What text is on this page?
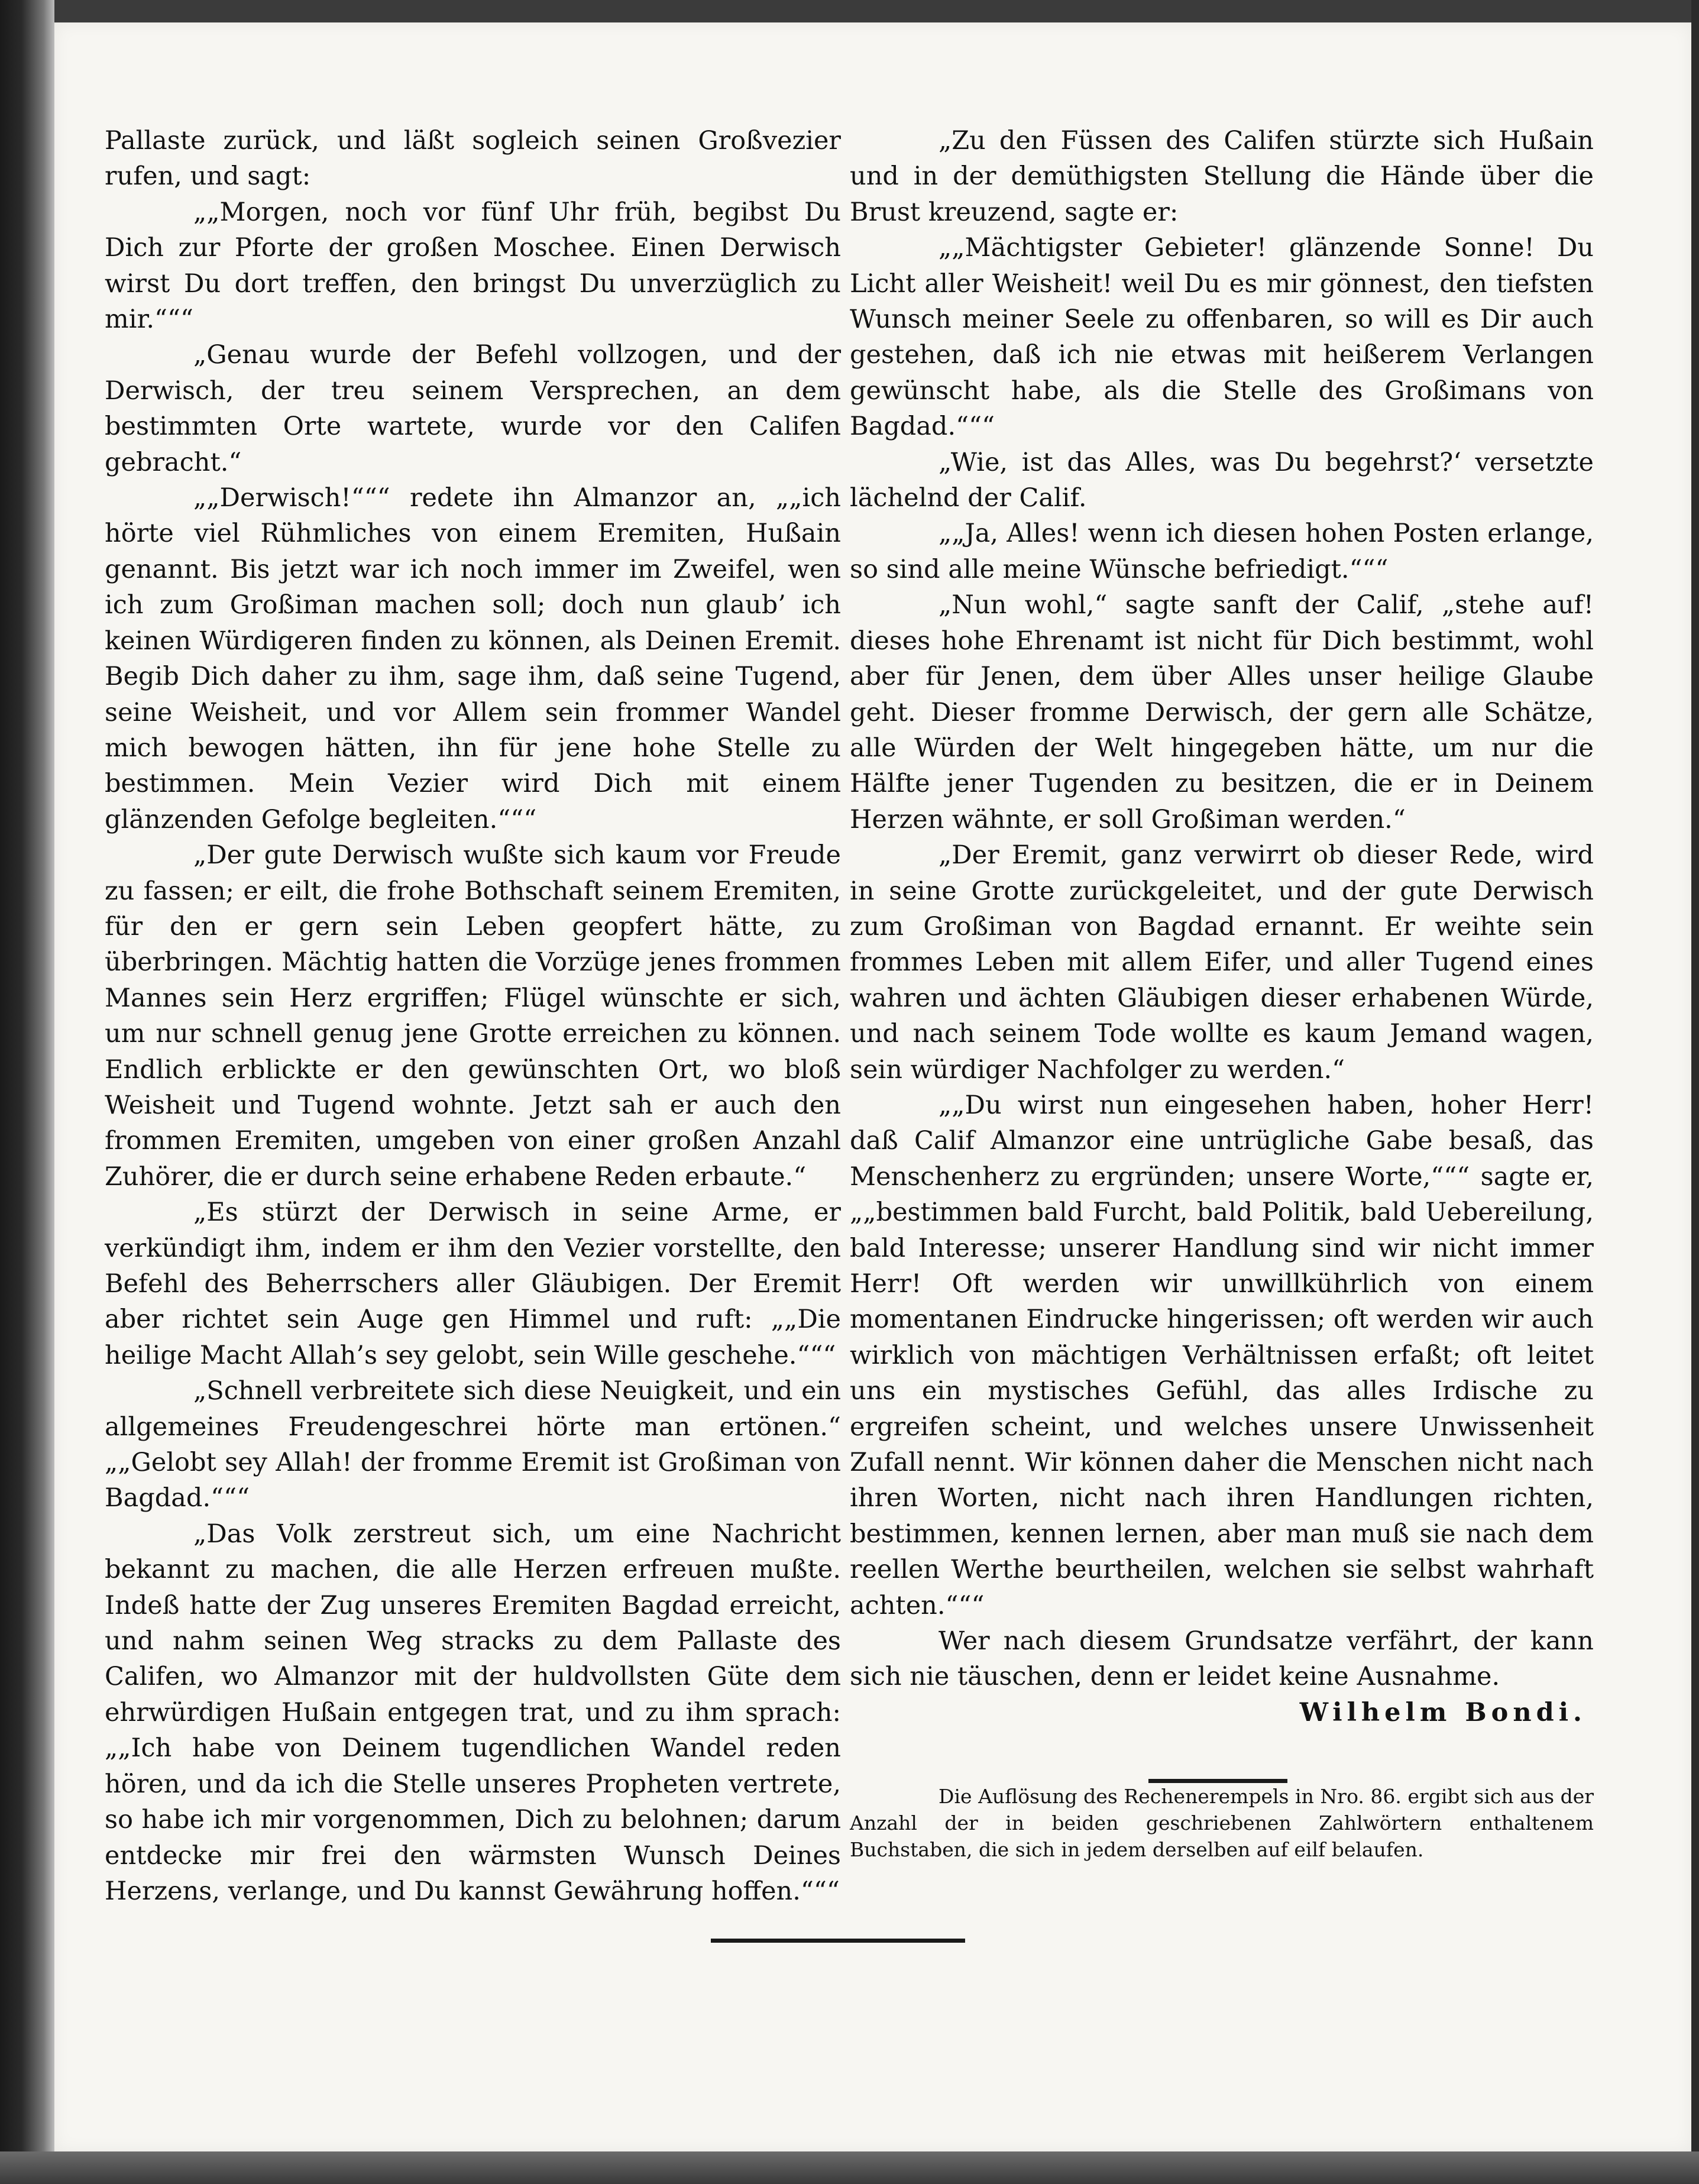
Pallaste zurück, und läßt sogleich seinen Großvezier rufen, und sagt:

„„Morgen, noch vor fünf Uhr früh, begibst Du Dich zur Pforte der großen Moschee. Einen Derwisch wirst Du dort treffen, den bringst Du unverzüglich zu mir.“““

„Genau wurde der Befehl vollzogen, und der Derwisch, der treu seinem Versprechen, an dem bestimmten Orte wartete, wurde vor den Califen gebracht.“

„„Derwisch!“““ redete ihn Almanzor an, „„ich hörte viel Rühmliches von einem Eremiten, Hußain genannt. Bis jetzt war ich noch immer im Zweifel, wen ich zum Großiman machen soll; doch nun glaub’ ich keinen Würdigeren finden zu können, als Deinen Eremit. Begib Dich daher zu ihm, sage ihm, daß seine Tugend, seine Weisheit, und vor Allem sein frommer Wandel mich bewogen hätten, ihn für jene hohe Stelle zu bestimmen. Mein Vezier wird Dich mit einem glänzenden Gefolge begleiten.“““

„Der gute Derwisch wußte sich kaum vor Freude zu fassen; er eilt, die frohe Bothschaft seinem Eremiten, für den er gern sein Leben geopfert hätte, zu überbringen. Mächtig hatten die Vorzüge jenes frommen Mannes sein Herz ergriffen; Flügel wünschte er sich, um nur schnell genug jene Grotte erreichen zu können. Endlich erblickte er den gewünschten Ort, wo bloß Weisheit und Tugend wohnte. Jetzt sah er auch den frommen Eremiten, umgeben von einer großen Anzahl Zuhörer, die er durch seine erhabene Reden erbaute.“

„Es stürzt der Derwisch in seine Arme, er verkündigt ihm, indem er ihm den Vezier vorstellte, den Befehl des Beherrschers aller Gläubigen. Der Eremit aber richtet sein Auge gen Himmel und ruft: „„Die heilige Macht Allah’s sey gelobt, sein Wille geschehe.“““

„Schnell verbreitete sich diese Neuigkeit, und ein allgemeines Freudengeschrei hörte man ertönen.“ „„Gelobt sey Allah! der fromme Eremit ist Großiman von Bagdad.“““

„Das Volk zerstreut sich, um eine Nachricht bekannt zu machen, die alle Herzen erfreuen mußte. Indeß hatte der Zug unseres Eremiten Bagdad erreicht, und nahm seinen Weg stracks zu dem Pallaste des Califen, wo Almanzor mit der huldvollsten Güte dem ehrwürdigen Hußain entgegen trat, und zu ihm sprach: „„Ich habe von Deinem tugendlichen Wandel reden hören, und da ich die Stelle unseres Propheten vertrete, so habe ich mir vorgenommen, Dich zu belohnen; darum entdecke mir frei den wärmsten Wunsch Deines Herzens, verlange, und Du kannst Gewährung hoffen.“““

„Zu den Füssen des Califen stürzte sich Hußain und in der demüthigsten Stellung die Hände über die Brust kreuzend, sagte er:

„„Mächtigster Gebieter! glänzende Sonne! Du Licht aller Weisheit! weil Du es mir gönnest, den tiefsten Wunsch meiner Seele zu offenbaren, so will es Dir auch gestehen, daß ich nie etwas mit heißerem Verlangen gewünscht habe, als die Stelle des Großimans von Bagdad.“““

„Wie, ist das Alles, was Du begehrst?‘ versetzte lächelnd der Calif.

„„Ja, Alles! wenn ich diesen hohen Posten erlange, so sind alle meine Wünsche befriedigt.“““

„Nun wohl,“ sagte sanft der Calif, „stehe auf! dieses hohe Ehrenamt ist nicht für Dich bestimmt, wohl aber für Jenen, dem über Alles unser heilige Glaube geht. Dieser fromme Derwisch, der gern alle Schätze, alle Würden der Welt hingegeben hätte, um nur die Hälfte jener Tugenden zu besitzen, die er in Deinem Herzen wähnte, er soll Großiman werden.“

„Der Eremit, ganz verwirrt ob dieser Rede, wird in seine Grotte zurückgeleitet, und der gute Derwisch zum Großiman von Bagdad ernannt. Er weihte sein frommes Leben mit allem Eifer, und aller Tugend eines wahren und ächten Gläubigen dieser erhabenen Würde, und nach seinem Tode wollte es kaum Jemand wagen, sein würdiger Nachfolger zu werden.“

„„Du wirst nun eingesehen haben, hoher Herr! daß Calif Almanzor eine untrügliche Gabe besaß, das Menschenherz zu ergründen; unsere Worte,“““ sagte er, „„bestimmen bald Furcht, bald Politik, bald Uebereilung, bald Interesse; unserer Handlung sind wir nicht immer Herr! Oft werden wir unwillkührlich von einem momentanen Eindrucke hingerissen; oft werden wir auch wirklich von mächtigen Verhältnissen erfaßt; oft leitet uns ein mystisches Gefühl, das alles Irdische zu ergreifen scheint, und welches unsere Unwissenheit Zufall nennt. Wir können daher die Menschen nicht nach ihren Worten, nicht nach ihren Handlungen richten, bestimmen, kennen lernen, aber man muß sie nach dem reellen Werthe beurtheilen, welchen sie selbst wahrhaft achten.“““

Wer nach diesem Grundsatze verfährt, der kann sich nie täuschen, denn er leidet keine Ausnahme.

Wilhelm Bondi.

Die Auflösung des Rechenerempels in Nro. 86. ergibt sich aus der Anzahl der in beiden geschriebenen Zahlwörtern enthaltenem Buchstaben, die sich in jedem derselben auf eilf belaufen.
